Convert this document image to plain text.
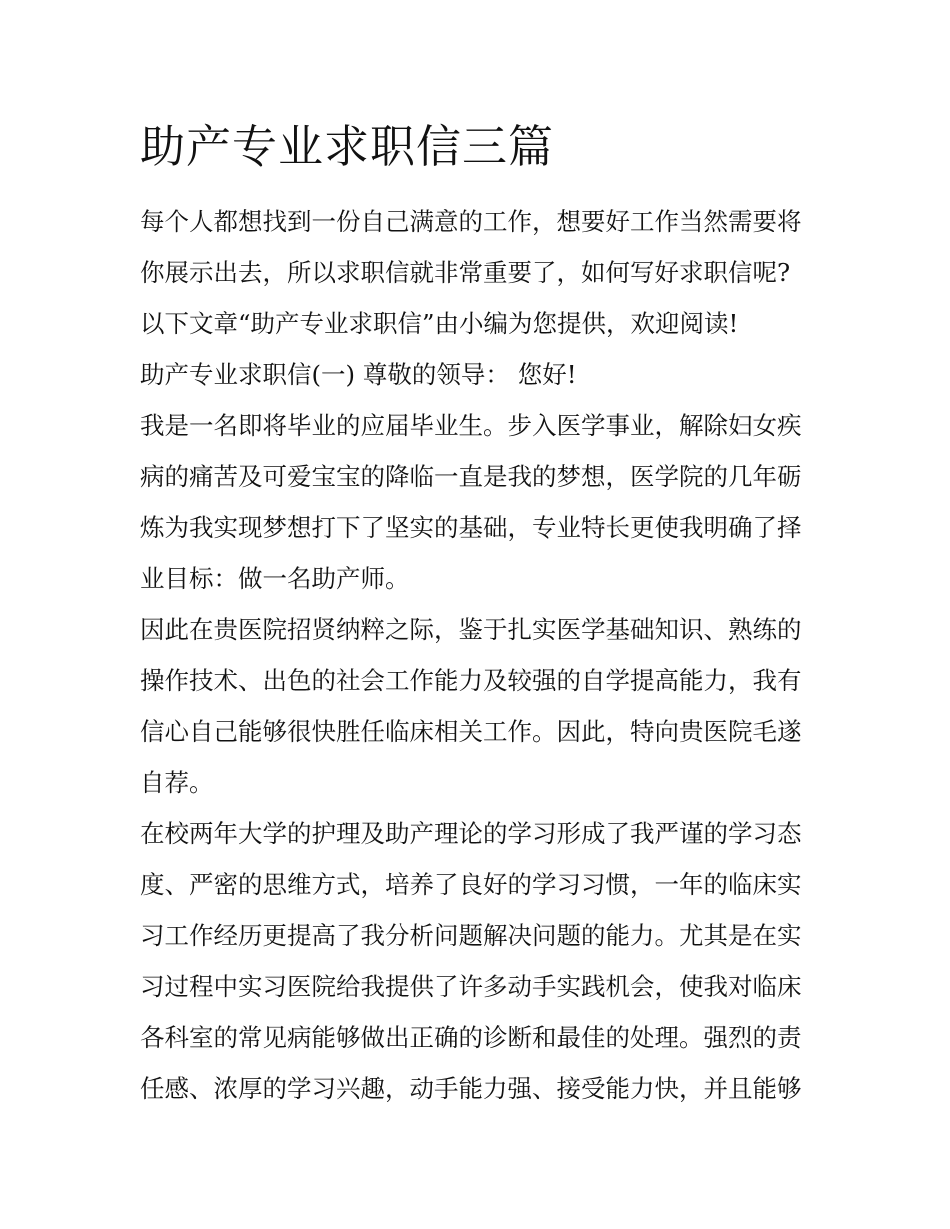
助产专业求职信三篇

每个人都想找到一份自己满意的工作，想要好工作当然需要将

你展示出去，所以求职信就非常重要了，如何写好求职信呢?

以下文章“助产专业求职信”由小编为您提供，欢迎阅读!

助产专业求职信(一) 尊敬的领导： 您好!

我是一名即将毕业的应届毕业生。步入医学事业，解除妇女疾

病的痛苦及可爱宝宝的降临一直是我的梦想，医学院的几年砺

炼为我实现梦想打下了坚实的基础，专业特长更使我明确了择

业目标：做一名助产师。

因此在贵医院招贤纳粹之际，鉴于扎实医学基础知识、熟练的

操作技术、出色的社会工作能力及较强的自学提高能力，我有

信心自己能够很快胜任临床相关工作。因此，特向贵医院毛遂

自荐。

在校两年大学的护理及助产理论的学习形成了我严谨的学习态

度、严密的思维方式，培养了良好的学习习惯，一年的临床实

习工作经历更提高了我分析问题解决问题的能力。尤其是在实

习过程中实习医院给我提供了许多动手实践机会，使我对临床

各科室的常见病能够做出正确的诊断和最佳的处理。强烈的责

任感、浓厚的学习兴趣，动手能力强、接受能力快，并且能够
